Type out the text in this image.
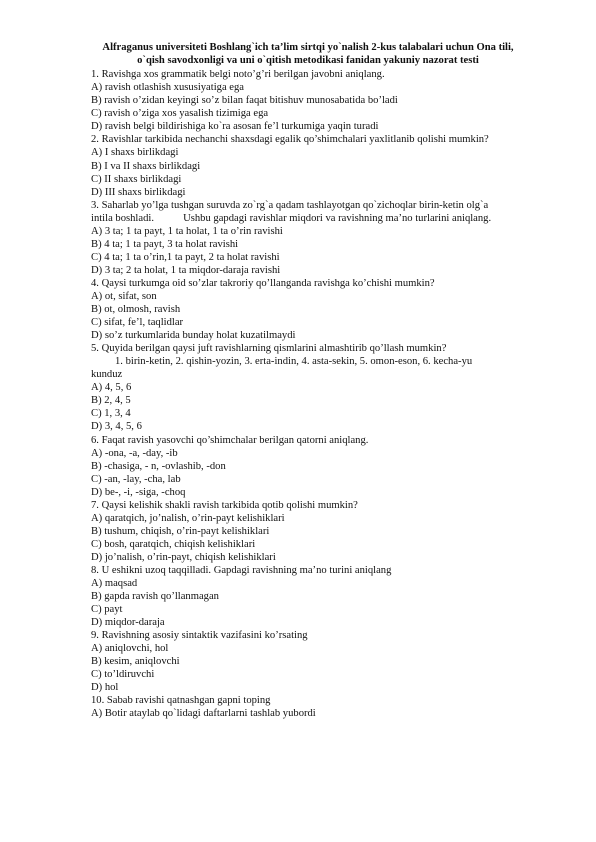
Alfraganus universiteti Boshlang`ich ta’lim sirtqi yo`nalish 2-kus talabalari uchun Ona tili,
o`qish savodxonligi va uni o`qitish metodikasi fanidan yakuniy nazorat testi
1. Ravishga xos grammatik belgi noto’g’ri berilgan javobni aniqlang.
A) ravish otlashish xususiyatiga ega
B) ravish o’zidan keyingi so’z bilan faqat bitishuv munosabatida bo’ladi
C) ravish o’ziga xos yasalish tizimiga ega
D) ravish belgi bildirishiga ko`ra asosan fe’l turkumiga yaqin turadi
2. Ravishlar tarkibida nechanchi shaxsdagi egalik qo’shimchalari yaxlitlanib qolishi mumkin?
A) I shaxs birlikdagi
B) I va II shaxs birlikdagi
C) II shaxs birlikdagi
D) III shaxs birlikdagi
3. Saharlab yo’lga tushgan suruvda zo`rg`a qadam tashlayotgan qo`zichoqlar birin-ketin olg`a
intila boshladi.           Ushbu gapdagi ravishlar miqdori va ravishning ma’no turlarini aniqlang.
A) 3 ta; 1 ta payt, 1 ta holat, 1 ta o’rin ravishi
B) 4 ta; 1 ta payt, 3 ta holat ravishi
C) 4 ta; 1 ta o’rin,1 ta payt, 2 ta holat ravishi
D) 3 ta; 2 ta holat, 1 ta miqdor-daraja ravishi
4. Qaysi turkumga oid so’zlar takroriy qo’llanganda ravishga ko’chishi mumkin?
A) ot, sifat, son
B) ot, olmosh, ravish
C) sifat, fe’l, taqlidlar
D) so’z turkumlarida bunday holat kuzatilmaydi
5. Quyida berilgan qaysi juft ravishlarning qismlarini almashtirib qo’llash mumkin?
1. birin-ketin, 2. qishin-yozin, 3. erta-indin, 4. asta-sekin, 5. omon-eson, 6. kecha-yu
kunduz
A) 4, 5, 6
B) 2, 4, 5
C) 1, 3, 4
D) 3, 4, 5, 6
6. Faqat ravish yasovchi qo’shimchalar berilgan qatorni aniqlang.
A) -ona, -a, -day, -ib
B) -chasiga, - n, -ovlashib, -don
C) -an, -lay, -cha, lab
D) be-, -i, -siga, -choq
7. Qaysi kelishik shakli ravish tarkibida qotib qolishi mumkin?
A) qaratqich, jo’nalish, o’rin-payt kelishiklari
B) tushum, chiqish, o’rin-payt kelishiklari
C) bosh, qaratqich, chiqish kelishiklari
D) jo’nalish, o’rin-payt, chiqish kelishiklari
8. U eshikni uzoq taqqilladi. Gapdagi ravishning ma’no turini aniqlang
A) maqsad
B) gapda ravish qo’llanmagan
C) payt
D) miqdor-daraja
9. Ravishning asosiy sintaktik vazifasini ko’rsating
A) aniqlovchi, hol
B) kesim, aniqlovchi
C) to’ldiruvchi
D) hol
10. Sabab ravishi qatnashgan gapni toping
A) Botir ataylab qo`lidagi daftarlarni tashlab yubordi
